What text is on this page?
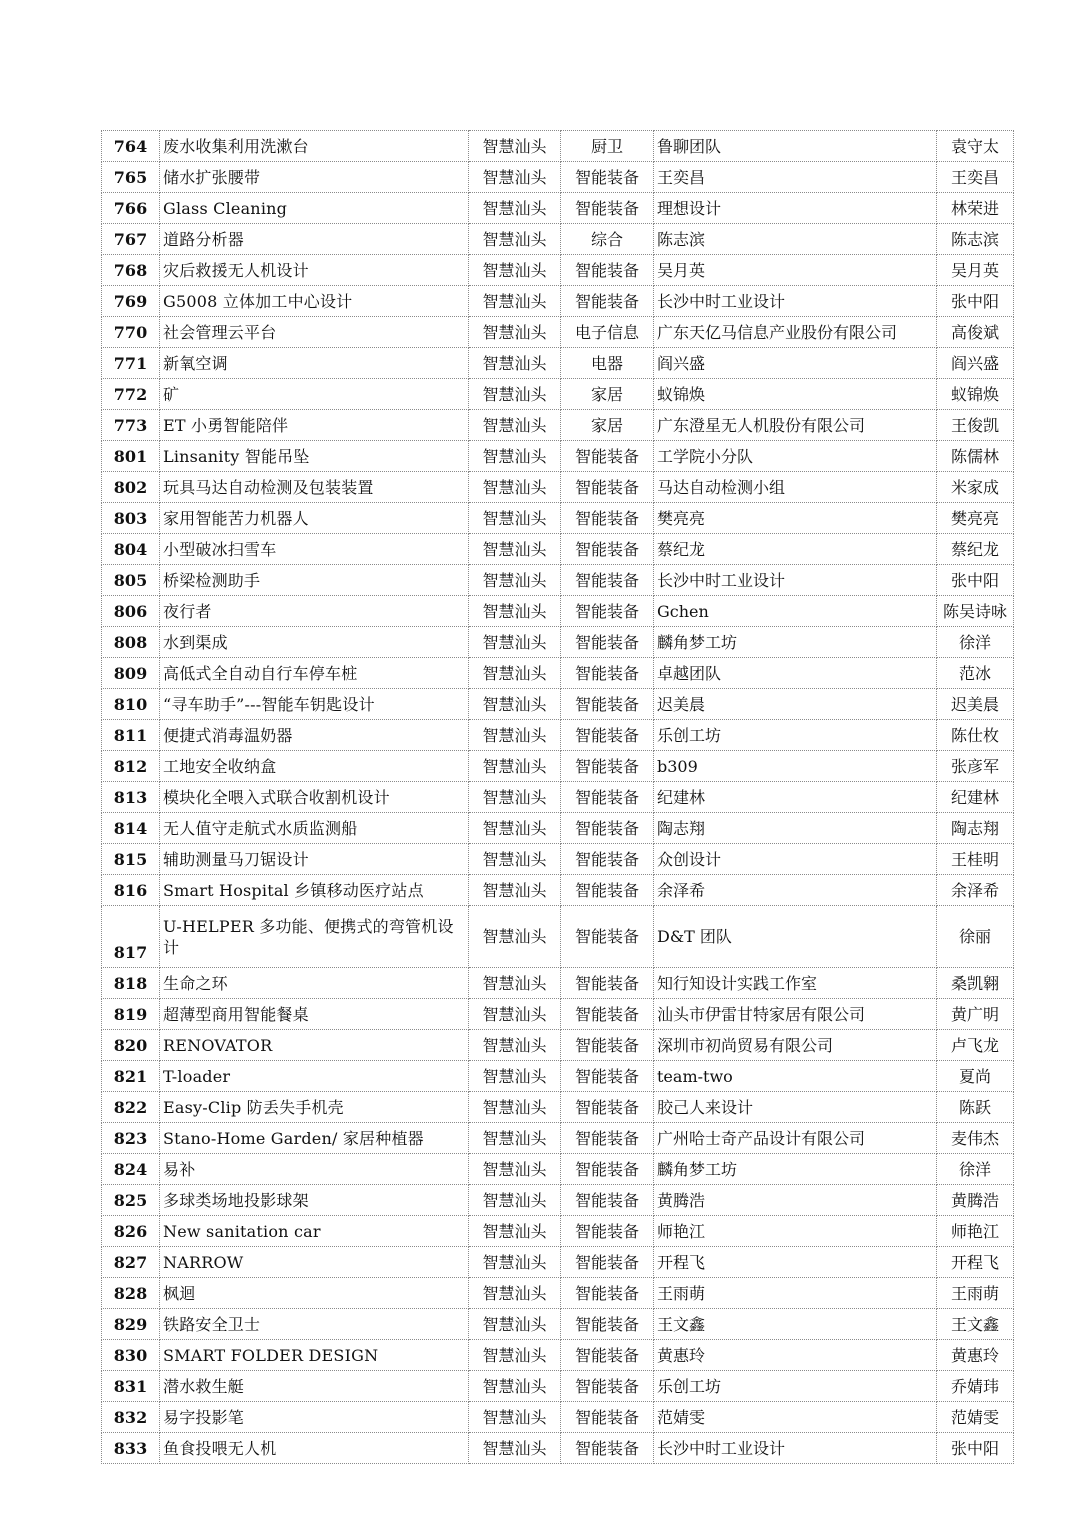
764	废水收集利用洗漱台	智慧汕头	厨卫	鲁聊团队	袁守太
765	储水扩张腰带	智慧汕头	智能装备	王奕昌	王奕昌
766	Glass Cleaning	智慧汕头	智能装备	理想设计	林荣进
767	道路分析器	智慧汕头	综合	陈志滨	陈志滨
768	灾后救援无人机设计	智慧汕头	智能装备	吴月英	吴月英
769	G5008 立体加工中心设计	智慧汕头	智能装备	长沙中时工业设计	张中阳
770	社会管理云平台	智慧汕头	电子信息	广东天亿马信息产业股份有限公司	高俊斌
771	新氧空调	智慧汕头	电器	阎兴盛	阎兴盛
772	矿	智慧汕头	家居	蚁锦焕	蚁锦焕
773	ET 小勇智能陪伴	智慧汕头	家居	广东澄星无人机股份有限公司	王俊凯
801	Linsanity 智能吊坠	智慧汕头	智能装备	工学院小分队	陈儒林
802	玩具马达自动检测及包装装置	智慧汕头	智能装备	马达自动检测小组	米家成
803	家用智能苦力机器人	智慧汕头	智能装备	樊亮亮	樊亮亮
804	小型破冰扫雪车	智慧汕头	智能装备	蔡纪龙	蔡纪龙
805	桥梁检测助手	智慧汕头	智能装备	长沙中时工业设计	张中阳
806	夜行者	智慧汕头	智能装备	Gchen	陈吴诗咏
808	水到渠成	智慧汕头	智能装备	麟角梦工坊	徐洋
809	高低式全自动自行车停车桩	智慧汕头	智能装备	卓越团队	范冰
810	“寻车助手”---智能车钥匙设计	智慧汕头	智能装备	迟美晨	迟美晨
811	便捷式消毒温奶器	智慧汕头	智能装备	乐创工坊	陈仕枚
812	工地安全收纳盒	智慧汕头	智能装备	b309	张彦军
813	模块化全喂入式联合收割机设计	智慧汕头	智能装备	纪建林	纪建林
814	无人值守走航式水质监测船	智慧汕头	智能装备	陶志翔	陶志翔
815	辅助测量马刀锯设计	智慧汕头	智能装备	众创设计	王桂明
816	Smart Hospital 乡镇移动医疗站点	智慧汕头	智能装备	余泽希	余泽希
817	U-HELPER 多功能、便携式的弯管机设计	智慧汕头	智能装备	D&T 团队	徐丽
818	生命之环	智慧汕头	智能装备	知行知设计实践工作室	桑凯翱
819	超薄型商用智能餐桌	智慧汕头	智能装备	汕头市伊雷甘特家居有限公司	黄广明
820	RENOVATOR	智慧汕头	智能装备	深圳市初尚贸易有限公司	卢飞龙
821	T-loader	智慧汕头	智能装备	team-two	夏尚
822	Easy-Clip 防丢失手机壳	智慧汕头	智能装备	胶己人来设计	陈跃
823	Stano-Home Garden/ 家居种植器	智慧汕头	智能装备	广州哈士奇产品设计有限公司	麦伟杰
824	易补	智慧汕头	智能装备	麟角梦工坊	徐洋
825	多球类场地投影球架	智慧汕头	智能装备	黄腾浩	黄腾浩
826	New sanitation car	智慧汕头	智能装备	师艳江	师艳江
827	NARROW	智慧汕头	智能装备	开程飞	开程飞
828	枫迴	智慧汕头	智能装备	王雨萌	王雨萌
829	铁路安全卫士	智慧汕头	智能装备	王文鑫	王文鑫
830	SMART FOLDER DESIGN	智慧汕头	智能装备	黄惠玲	黄惠玲
831	潜水救生艇	智慧汕头	智能装备	乐创工坊	乔婧玮
832	易字投影笔	智慧汕头	智能装备	范婧雯	范婧雯
833	鱼食投喂无人机	智慧汕头	智能装备	长沙中时工业设计	张中阳
